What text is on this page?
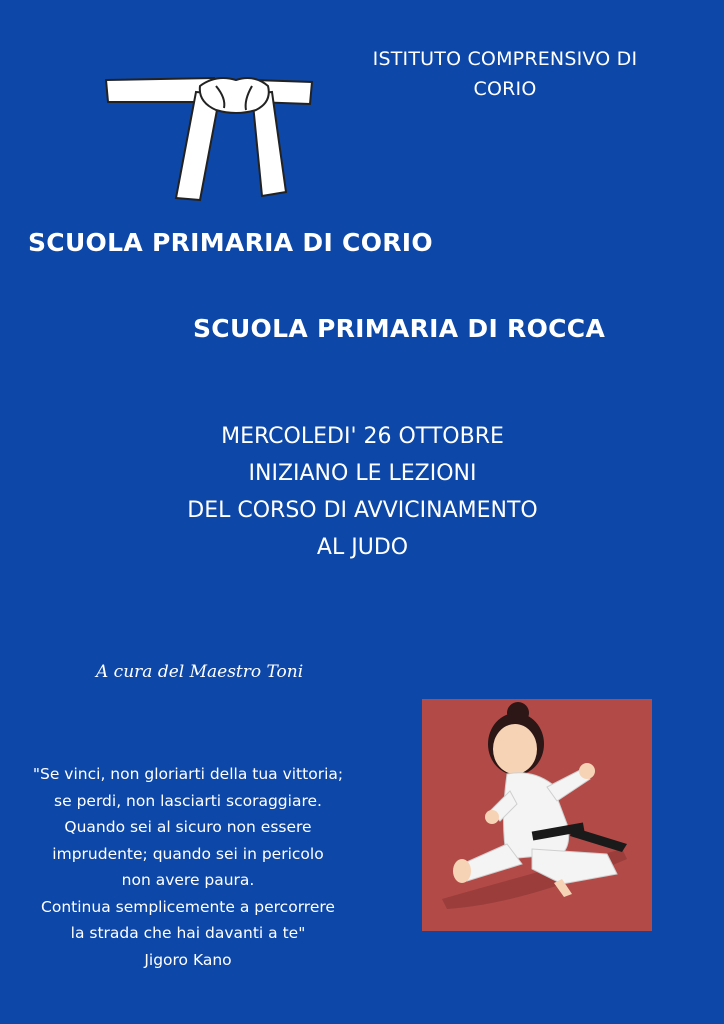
ISTITUTO COMPRENSIVO DI
CORIO
SCUOLA PRIMARIA DI CORIO
SCUOLA PRIMARIA DI ROCCA
MERCOLEDI' 26 OTTOBRE
INIZIANO LE LEZIONI
DEL CORSO DI AVVICINAMENTO
AL JUDO
A cura del Maestro Toni
"Se vinci, non gloriarti della tua vittoria;
se perdi, non lasciarti scoraggiare.
Quando sei al sicuro non essere
imprudente; quando sei in pericolo
non avere paura.
Continua semplicemente a percorrere
la strada che hai davanti a te"
Jigoro Kano
